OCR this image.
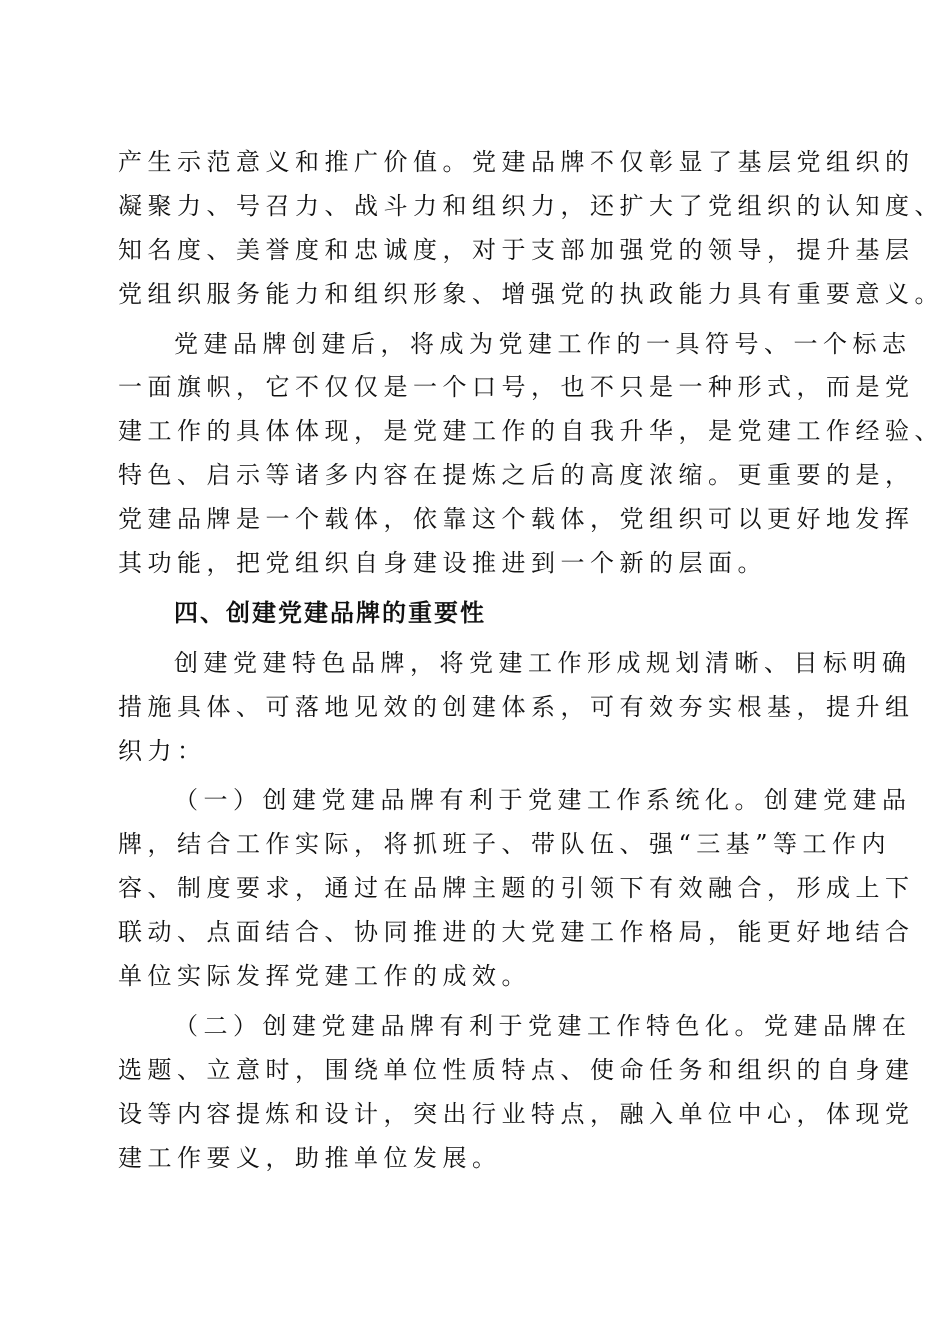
产生示范意义和推广价值。党建品牌不仅彰显了基层党组织的
凝聚力、号召力、战斗力和组织力，还扩大了党组织的认知度、
知名度、美誉度和忠诚度，对于支部加强党的领导，提升基层
党组织服务能力和组织形象、增强党的执政能力具有重要意义。
党建品牌创建后，将成为党建工作的一具符号、一个标志
一面旗帜，它不仅仅是一个口号，也不只是一种形式，而是党
建工作的具体体现，是党建工作的自我升华，是党建工作经验、
特色、启示等诸多内容在提炼之后的高度浓缩。更重要的是，
党建品牌是一个载体，依靠这个载体，党组织可以更好地发挥
其功能，把党组织自身建设推进到一个新的层面。
四、创建党建品牌的重要性
创建党建特色品牌，将党建工作形成规划清晰、目标明确
措施具体、可落地见效的创建体系，可有效夯实根基，提升组
织力：
（一）创建党建品牌有利于党建工作系统化。创建党建品
牌，结合工作实际，将抓班子、带队伍、强“三基”等工作内
容、制度要求，通过在品牌主题的引领下有效融合，形成上下
联动、点面结合、协同推进的大党建工作格局，能更好地结合
单位实际发挥党建工作的成效。
（二）创建党建品牌有利于党建工作特色化。党建品牌在
选题、立意时，围绕单位性质特点、使命任务和组织的自身建
设等内容提炼和设计，突出行业特点，融入单位中心，体现党
建工作要义，助推单位发展。
